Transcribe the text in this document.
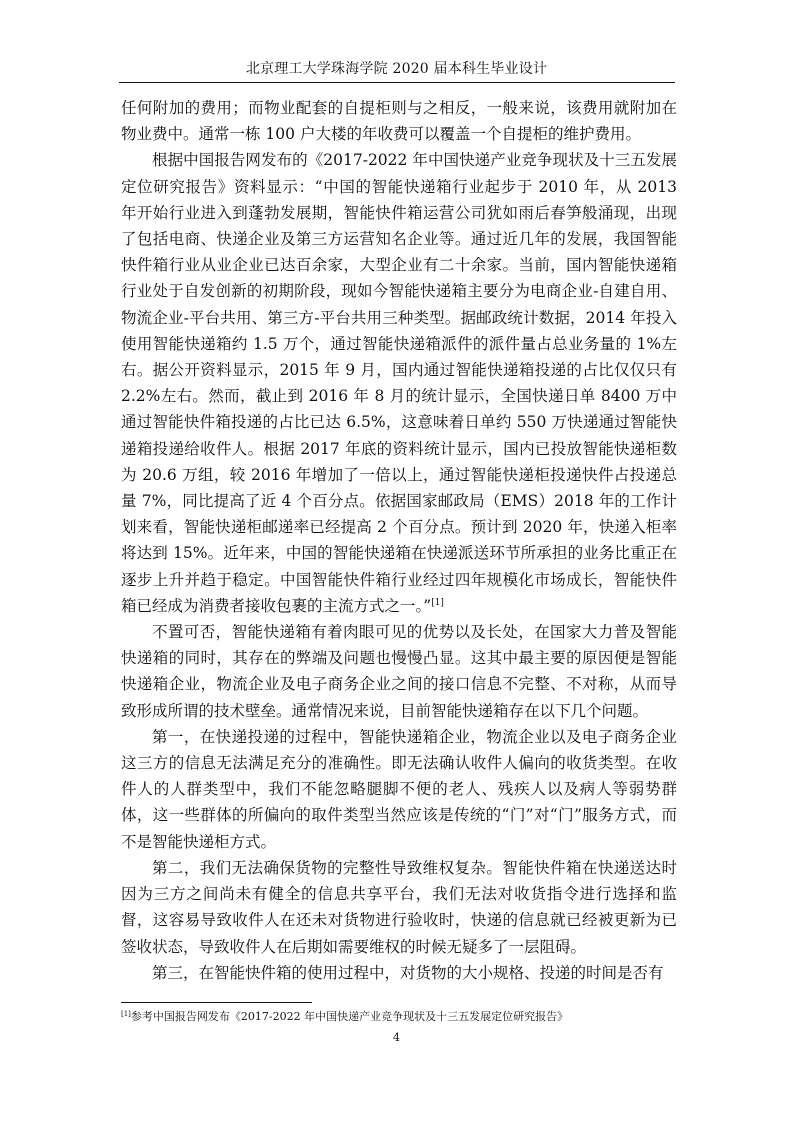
北京理工大学珠海学院 2020 届本科生毕业设计

任何附加的费用；而物业配套的自提柜则与之相反，一般来说，该费用就附加在物业费中。通常一栋 100 户大楼的年收费可以覆盖一个自提柜的维护费用。

根据中国报告网发布的《2017-2022 年中国快递产业竞争现状及十三五发展定位研究报告》资料显示：“中国的智能快递箱行业起步于 2010 年，从 2013 年开始行业进入到蓬勃发展期，智能快件箱运营公司犹如雨后春笋般涌现，出现了包括电商、快递企业及第三方运营知名企业等。通过近几年的发展，我国智能快件箱行业从业企业已达百余家，大型企业有二十余家。当前，国内智能快递箱行业处于自发创新的初期阶段，现如今智能快递箱主要分为电商企业-自建自用、物流企业-平台共用、第三方-平台共用三种类型。据邮政统计数据，2014 年投入使用智能快递箱约 1.5 万个，通过智能快递箱派件的派件量占总业务量的 1%左右。据公开资料显示，2015 年 9 月，国内通过智能快递箱投递的占比仅仅只有 2.2%左右。然而，截止到 2016 年 8 月的统计显示，全国快递日单 8400 万中通过智能快件箱投递的占比已达 6.5%，这意味着日单约 550 万快递通过智能快递箱投递给收件人。根据 2017 年底的资料统计显示，国内已投放智能快递柜数为 20.6 万组，较 2016 年增加了一倍以上，通过智能快递柜投递快件占投递总量 7%，同比提高了近 4 个百分点。依据国家邮政局（EMS）2018 年的工作计划来看，智能快递柜邮递率已经提高 2 个百分点。预计到 2020 年，快递入柜率将达到 15%。近年来，中国的智能快递箱在快递派送环节所承担的业务比重正在逐步上升并趋于稳定。中国智能快件箱行业经过四年规模化市场成长，智能快件箱已经成为消费者接收包裹的主流方式之一。”[1]

不置可否，智能快递箱有着肉眼可见的优势以及长处，在国家大力普及智能快递箱的同时，其存在的弊端及问题也慢慢凸显。这其中最主要的原因便是智能快递箱企业，物流企业及电子商务企业之间的接口信息不完整、不对称，从而导致形成所谓的技术壁垒。通常情况来说，目前智能快递箱存在以下几个问题。

第一，在快递投递的过程中，智能快递箱企业，物流企业以及电子商务企业这三方的信息无法满足充分的准确性。即无法确认收件人偏向的收货类型。在收件人的人群类型中，我们不能忽略腿脚不便的老人、残疾人以及病人等弱势群体，这一些群体的所偏向的取件类型当然应该是传统的“门”对“门”服务方式，而不是智能快递柜方式。

第二，我们无法确保货物的完整性导致维权复杂。智能快件箱在快递送达时因为三方之间尚未有健全的信息共享平台，我们无法对收货指令进行选择和监督，这容易导致收件人在还未对货物进行验收时，快递的信息就已经被更新为已签收状态，导致收件人在后期如需要维权的时候无疑多了一层阻碍。

第三，在智能快件箱的使用过程中，对货物的大小规格、投递的时间是否有

[1]参考中国报告网发布《2017-2022 年中国快递产业竞争现状及十三五发展定位研究报告》
4
